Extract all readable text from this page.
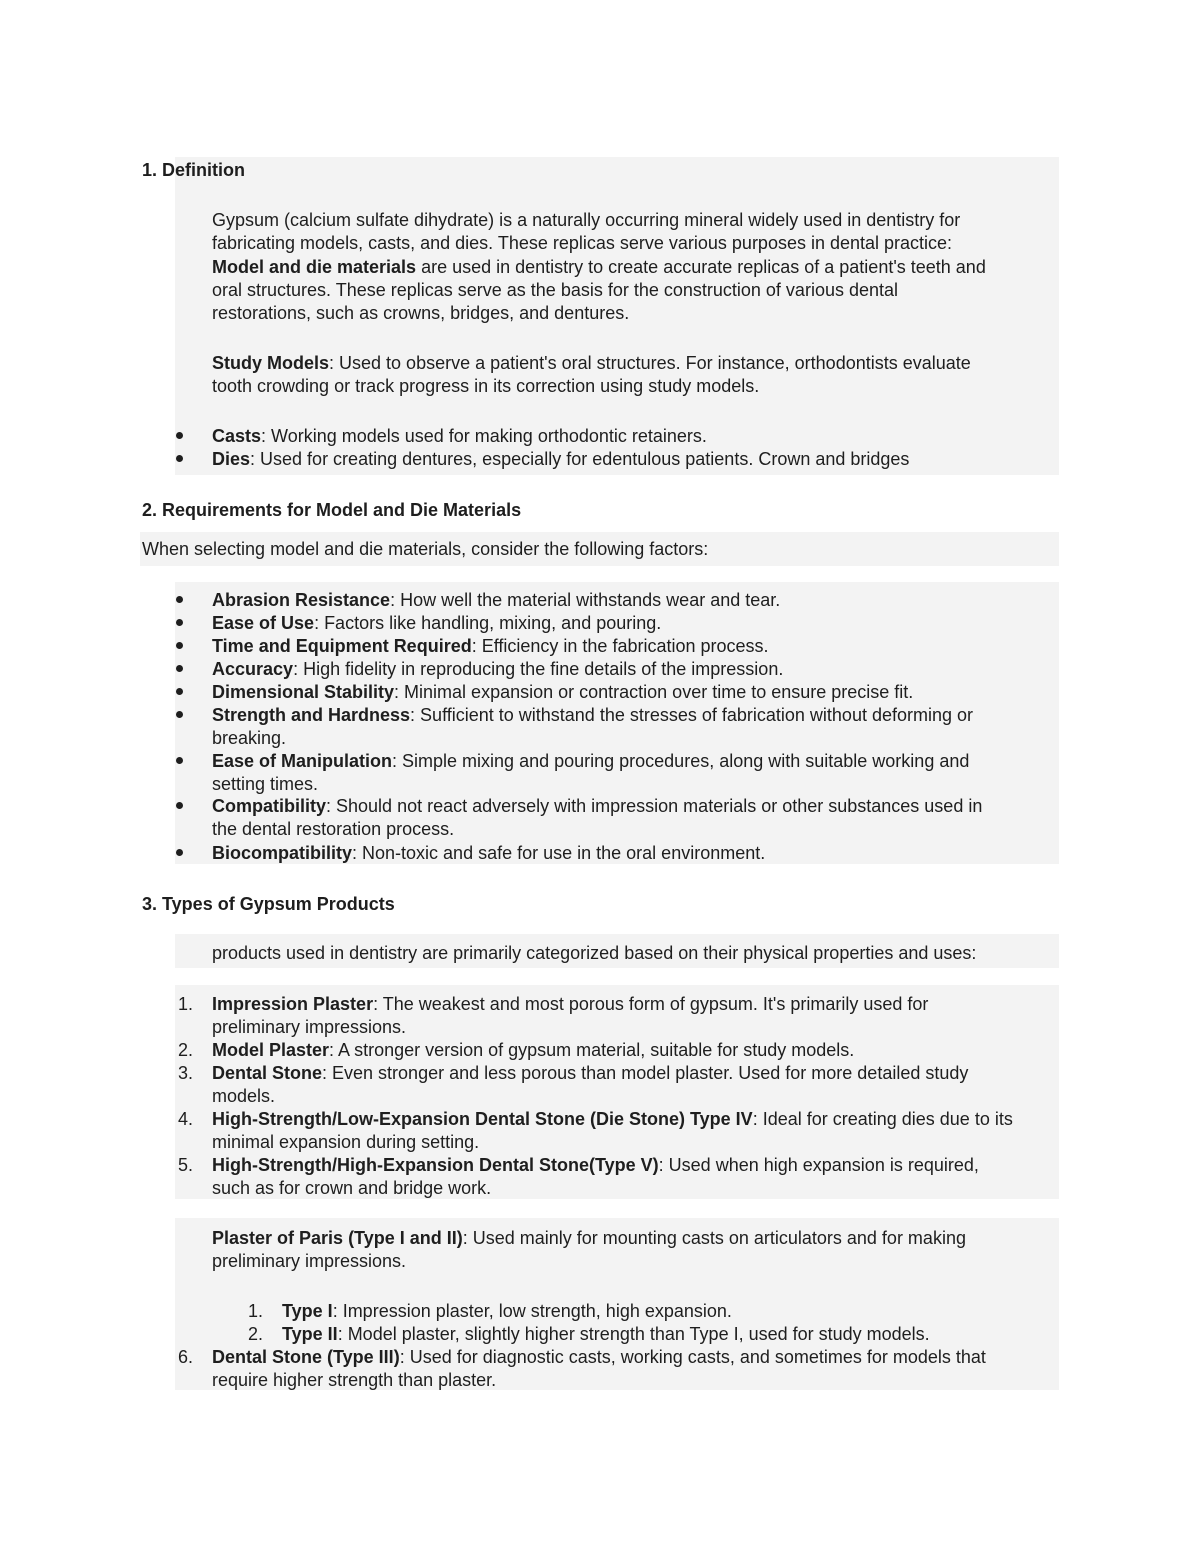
1. Definition
Gypsum (calcium sulfate dihydrate) is a naturally occurring mineral widely used in dentistry for
fabricating models, casts, and dies. These replicas serve various purposes in dental practice:
Model and die materials are used in dentistry to create accurate replicas of a patient's teeth and
oral structures. These replicas serve as the basis for the construction of various dental
restorations, such as crowns, bridges, and dentures.
Study Models: Used to observe a patient's oral structures. For instance, orthodontists evaluate
tooth crowding or track progress in its correction using study models.
Casts: Working models used for making orthodontic retainers.
Dies: Used for creating dentures, especially for edentulous patients. Crown and bridges
2. Requirements for Model and Die Materials
When selecting model and die materials, consider the following factors:
Abrasion Resistance: How well the material withstands wear and tear.
Ease of Use: Factors like handling, mixing, and pouring.
Time and Equipment Required: Efficiency in the fabrication process.
Accuracy: High fidelity in reproducing the fine details of the impression.
Dimensional Stability: Minimal expansion or contraction over time to ensure precise fit.
Strength and Hardness: Sufficient to withstand the stresses of fabrication without deforming or
breaking.
Ease of Manipulation: Simple mixing and pouring procedures, along with suitable working and
setting times.
Compatibility: Should not react adversely with impression materials or other substances used in
the dental restoration process.
Biocompatibility: Non-toxic and safe for use in the oral environment.
3. Types of Gypsum Products
products used in dentistry are primarily categorized based on their physical properties and uses:
1. Impression Plaster: The weakest and most porous form of gypsum. It's primarily used for
preliminary impressions.
2. Model Plaster: A stronger version of gypsum material, suitable for study models.
3. Dental Stone: Even stronger and less porous than model plaster. Used for more detailed study
models.
4. High-Strength/Low-Expansion Dental Stone (Die Stone) Type IV: Ideal for creating dies due to its
minimal expansion during setting.
5. High-Strength/High-Expansion Dental Stone(Type V): Used when high expansion is required,
such as for crown and bridge work.
Plaster of Paris (Type I and II): Used mainly for mounting casts on articulators and for making
preliminary impressions.
1. Type I: Impression plaster, low strength, high expansion.
2. Type II: Model plaster, slightly higher strength than Type I, used for study models.
6. Dental Stone (Type III): Used for diagnostic casts, working casts, and sometimes for models that
require higher strength than plaster.
